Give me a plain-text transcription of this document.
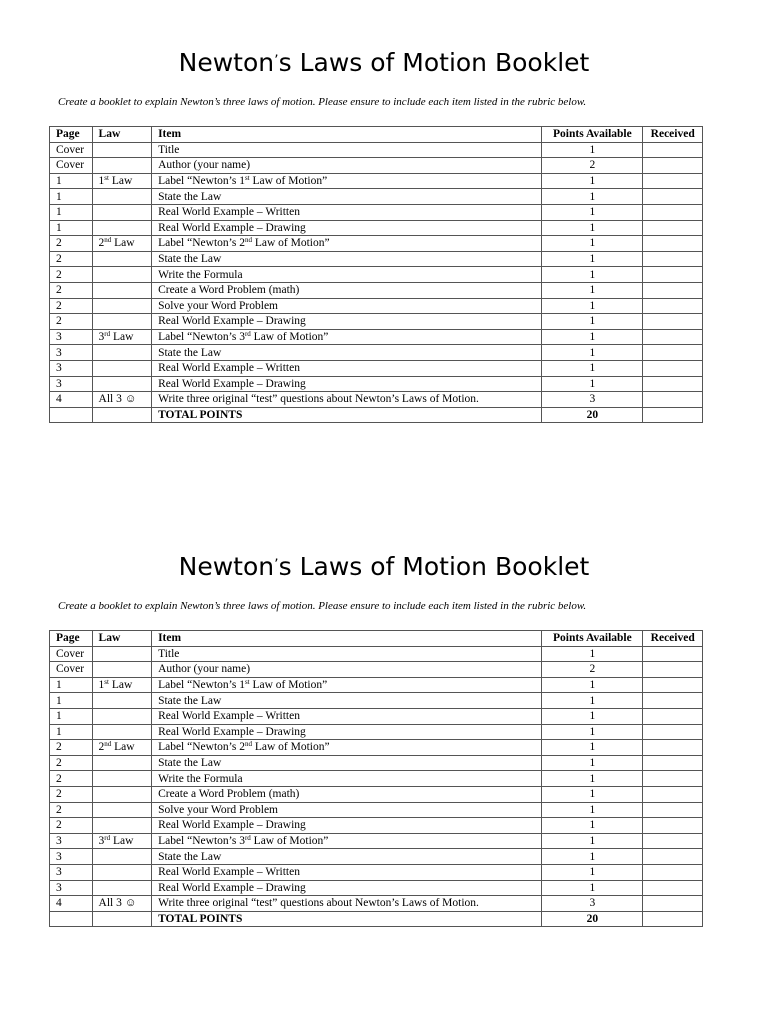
Newton’s Laws of Motion Booklet
Create a booklet to explain Newton’s three laws of motion. Please ensure to include each item listed in the rubric below.
Page	Law	Item	Points Available	Received
Cover		Title	1	
Cover		Author (your name)	2	
1	1st Law	Label “Newton’s 1st Law of Motion”	1	
1		State the Law	1	
1		Real World Example – Written	1	
1		Real World Example – Drawing	1	
2	2nd Law	Label “Newton’s 2nd Law of Motion”	1	
2		State the Law	1	
2		Write the Formula	1	
2		Create a Word Problem (math)	1	
2		Solve your Word Problem	1	
2		Real World Example – Drawing	1	
3	3rd Law	Label “Newton’s 3rd Law of Motion”	1	
3		State the Law	1	
3		Real World Example – Written	1	
3		Real World Example – Drawing	1	
4	All 3 ☺	Write three original “test” questions about Newton’s Laws of Motion.	3	
		TOTAL POINTS	20	
Newton’s Laws of Motion Booklet
Create a booklet to explain Newton’s three laws of motion. Please ensure to include each item listed in the rubric below.
Page	Law	Item	Points Available	Received
Cover		Title	1	
Cover		Author (your name)	2	
1	1st Law	Label “Newton’s 1st Law of Motion”	1	
1		State the Law	1	
1		Real World Example – Written	1	
1		Real World Example – Drawing	1	
2	2nd Law	Label “Newton’s 2nd Law of Motion”	1	
2		State the Law	1	
2		Write the Formula	1	
2		Create a Word Problem (math)	1	
2		Solve your Word Problem	1	
2		Real World Example – Drawing	1	
3	3rd Law	Label “Newton’s 3rd Law of Motion”	1	
3		State the Law	1	
3		Real World Example – Written	1	
3		Real World Example – Drawing	1	
4	All 3 ☺	Write three original “test” questions about Newton’s Laws of Motion.	3	
		TOTAL POINTS	20	
